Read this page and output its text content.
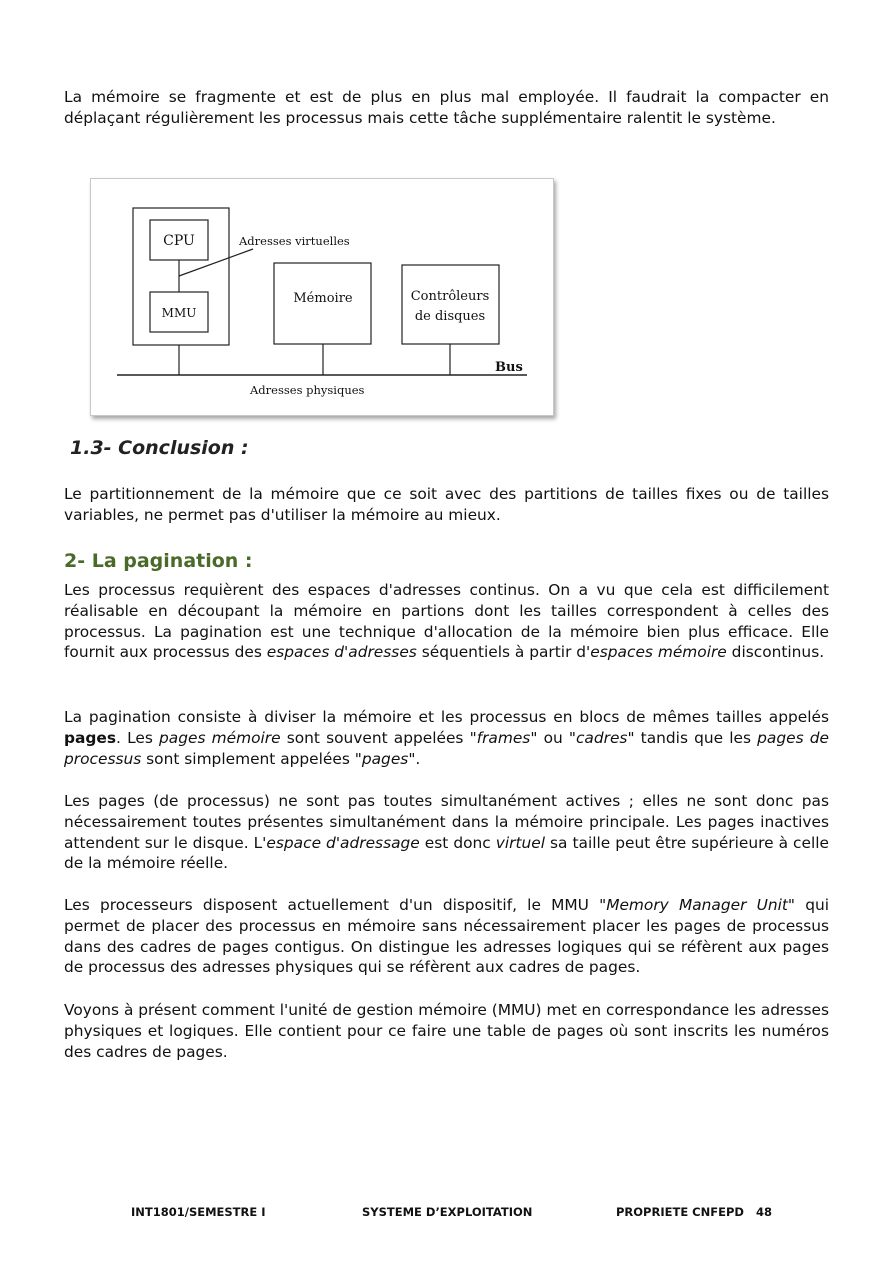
La mémoire se fragmente et est de plus en plus mal employée. Il faudrait la compacter en déplaçant régulièrement les processus mais cette tâche supplémentaire ralentit le système.

CPU
MMU
Adresses virtuelles
Mémoire	Contrôleurs
de disques
Bus
Adresses physiques
1.3- Conclusion :

Le partitionnement de la mémoire que ce soit avec des partitions de tailles fixes ou de tailles variables, ne permet pas d'utiliser la mémoire au mieux.

2- La pagination :

Les processus requièrent des espaces d'adresses continus. On a vu que cela est difficilement réalisable en découpant la mémoire en partions dont les tailles correspondent à celles des processus. La pagination est une technique d'allocation de la mémoire bien plus efficace. Elle fournit aux processus des espaces d'adresses séquentiels à partir d'espaces mémoire discontinus.

La pagination consiste à diviser la mémoire et les processus en blocs de mêmes tailles appelés pages. Les pages mémoire sont souvent appelées "frames" ou "cadres" tandis que les pages de processus sont simplement appelées "pages".

Les pages (de processus) ne sont pas toutes simultanément actives ; elles ne sont donc pas nécessairement toutes présentes simultanément dans la mémoire principale. Les pages inactives attendent sur le disque. L'espace d'adressage est donc virtuel sa taille peut être supérieure à celle de la mémoire réelle.

Les processeurs disposent actuellement d'un dispositif, le MMU "Memory Manager Unit" qui permet de placer des processus en mémoire sans nécessairement placer les pages de processus dans des cadres de pages contigus. On distingue les adresses logiques qui se réfèrent aux pages de processus des adresses physiques qui se réfèrent aux cadres de pages.

Voyons à présent comment l'unité de gestion mémoire (MMU) met en correspondance les adresses physiques et logiques. Elle contient pour ce faire une table de pages où sont inscrits les numéros des cadres de pages.

INT1801/SEMESTRE I	SYSTEME D’EXPLOITATION	PROPRIETE CNFEPD 48
